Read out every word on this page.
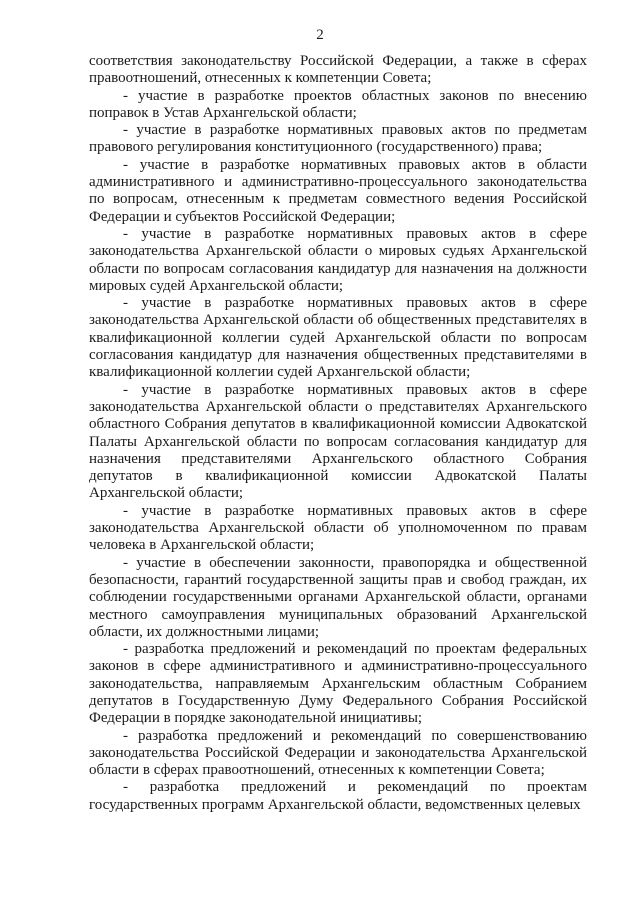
2

соответствия законодательству Российской Федерации, а также в сферах правоотношений, отнесенных к компетенции Совета;

- участие в разработке проектов областных законов по внесению поправок в Устав Архангельской области;

- участие в разработке нормативных правовых актов по предметам правового регулирования конституционного (государственного) права;

- участие в разработке нормативных правовых актов в области административного и административно-процессуального законодательства по вопросам, отнесенным к предметам совместного ведения Российской Федерации и субъектов Российской Федерации;

- участие в разработке нормативных правовых актов в сфере законодательства Архангельской области о мировых судьях Архангельской области по вопросам согласования кандидатур для назначения на должности мировых судей Архангельской области;

- участие в разработке нормативных правовых актов в сфере законодательства Архангельской области об общественных представителях в квалификационной коллегии судей Архангельской области по вопросам согласования кандидатур для назначения общественных представителями в квалификационной коллегии судей Архангельской области;

- участие в разработке нормативных правовых актов в сфере законодательства Архангельской области о представителях Архангельского областного Собрания депутатов в квалификационной комиссии Адвокатской Палаты Архангельской области по вопросам согласования кандидатур для назначения представителями Архангельского областного Собрания депутатов в квалификационной комиссии Адвокатской Палаты Архангельской области;

- участие в разработке нормативных правовых актов в сфере законодательства Архангельской области об уполномоченном по правам человека в Архангельской области;

- участие в обеспечении законности, правопорядка и общественной безопасности, гарантий государственной защиты прав и свобод граждан, их соблюдении государственными органами Архангельской области, органами местного самоуправления муниципальных образований Архангельской области, их должностными лицами;

- разработка предложений и рекомендаций по проектам федеральных законов в сфере административного и административно-процессуального законодательства, направляемым Архангельским областным Собранием депутатов в Государственную Думу Федерального Собрания Российской Федерации в порядке законодательной инициативы;

- разработка предложений и рекомендаций по совершенствованию законодательства Российской Федерации и законодательства Архангельской области в сферах правоотношений, отнесенных к компетенции Совета;

- разработка предложений и рекомендаций по проектам государственных программ Архангельской области, ведомственных целевых
